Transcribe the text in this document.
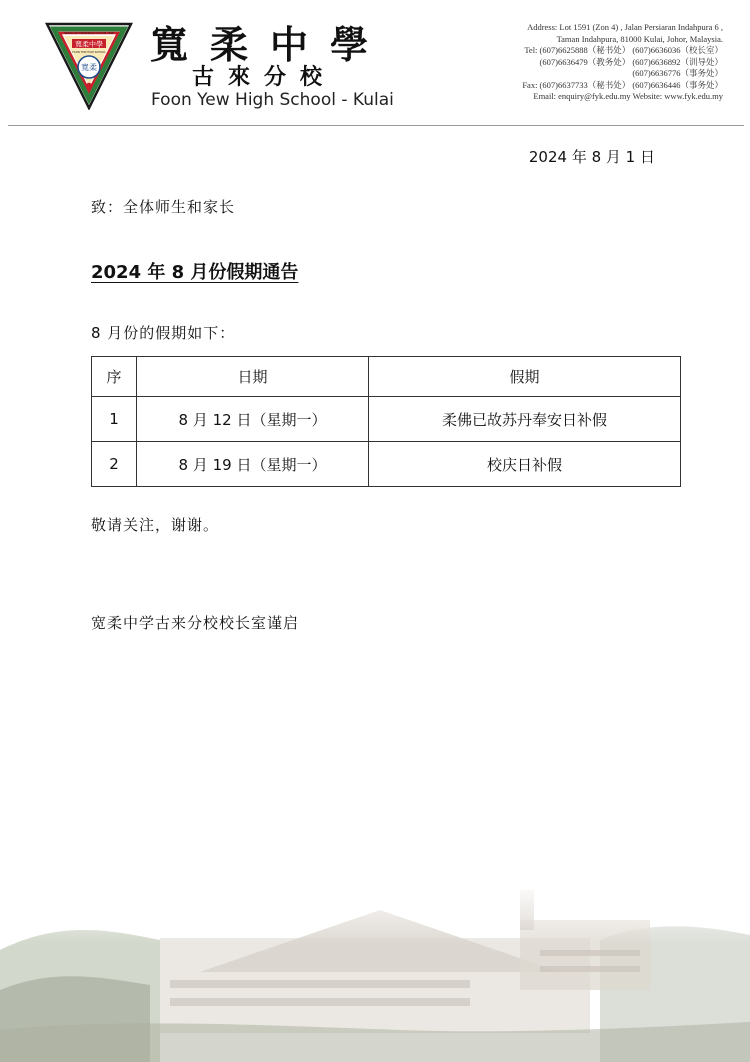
SEKOLAH MENENGAH FOON YEW
寬柔中學
FOON YEW HIGH SCHOOL
寬柔
寬柔中學
古來分校
Foon Yew High School - Kulai
Address: Lot 1591 (Zon 4) , Jalan Persiaran Indahpura 6 ,
Taman Indahpura, 81000 Kulai, Johor, Malaysia.
Tel: (607)6625888（秘书处） (607)6636036（校长室）
(607)6636479（教务处） (607)6636892（训导处）
(607)6636776（事务处）
Fax: (607)6637733（秘书处） (607)6636446（事务处）
Email: enquiry@fyk.edu.my Website: www.fyk.edu.my
2024 年 8 月 1 日
致：全体师生和家长
2024 年 8 月份假期通告
8 月份的假期如下：
序	日期	假期
1	8 月 12 日（星期一）	柔佛已故苏丹奉安日补假
2	8 月 19 日（星期一）	校庆日补假
敬请关注，谢谢。
宽柔中学古来分校校长室谨启
